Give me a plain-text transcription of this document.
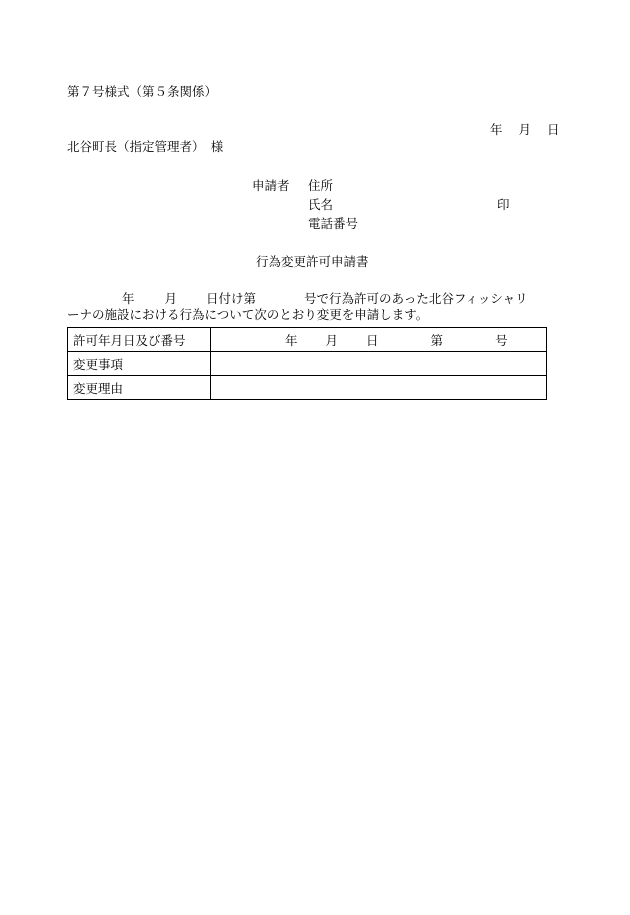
第７号様式（第５条関係）
年 月 日
北谷町長（指定管理者）　様
申請者 住所
氏名	印
電話番号
行為変更許可申請書
年 月 日付け第	号で行為許可のあった北谷フィッシャリ
ーナの施設における行為について次のとおり変更を申請します。
許可年月日及び番号	年 月 日 第 号
変更事項	
変更理由	
